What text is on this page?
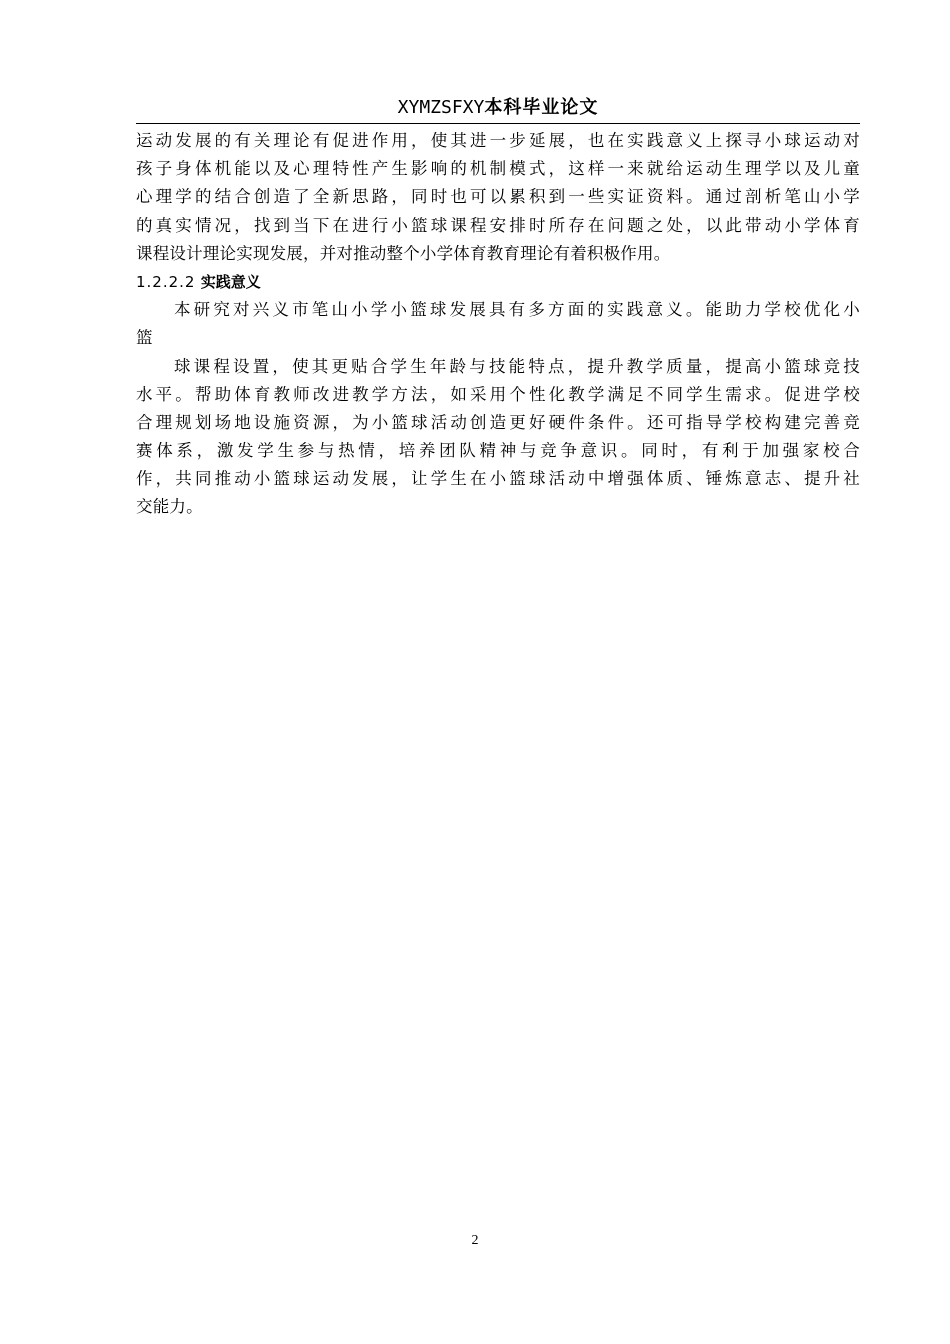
XYMZSFXY本科毕业论文
运动发展的有关理论有促进作用，使其进一步延展，也在实践意义上探寻小球运动对
孩子身体机能以及心理特性产生影响的机制模式，这样一来就给运动生理学以及儿童
心理学的结合创造了全新思路，同时也可以累积到一些实证资料。通过剖析笔山小学
的真实情况，找到当下在进行小篮球课程安排时所存在问题之处，以此带动小学体育
课程设计理论实现发展，并对推动整个小学体育教育理论有着积极作用。
1.2.2.2 实践意义
本研究对兴义市笔山小学小篮球发展具有多方面的实践意义。能助力学校优化小
篮
球课程设置，使其更贴合学生年龄与技能特点，提升教学质量，提高小篮球竞技
水平。帮助体育教师改进教学方法，如采用个性化教学满足不同学生需求。促进学校
合理规划场地设施资源，为小篮球活动创造更好硬件条件。还可指导学校构建完善竞
赛体系，激发学生参与热情，培养团队精神与竞争意识。同时，有利于加强家校合
作，共同推动小篮球运动发展，让学生在小篮球活动中增强体质、锤炼意志、提升社
交能力。
2
